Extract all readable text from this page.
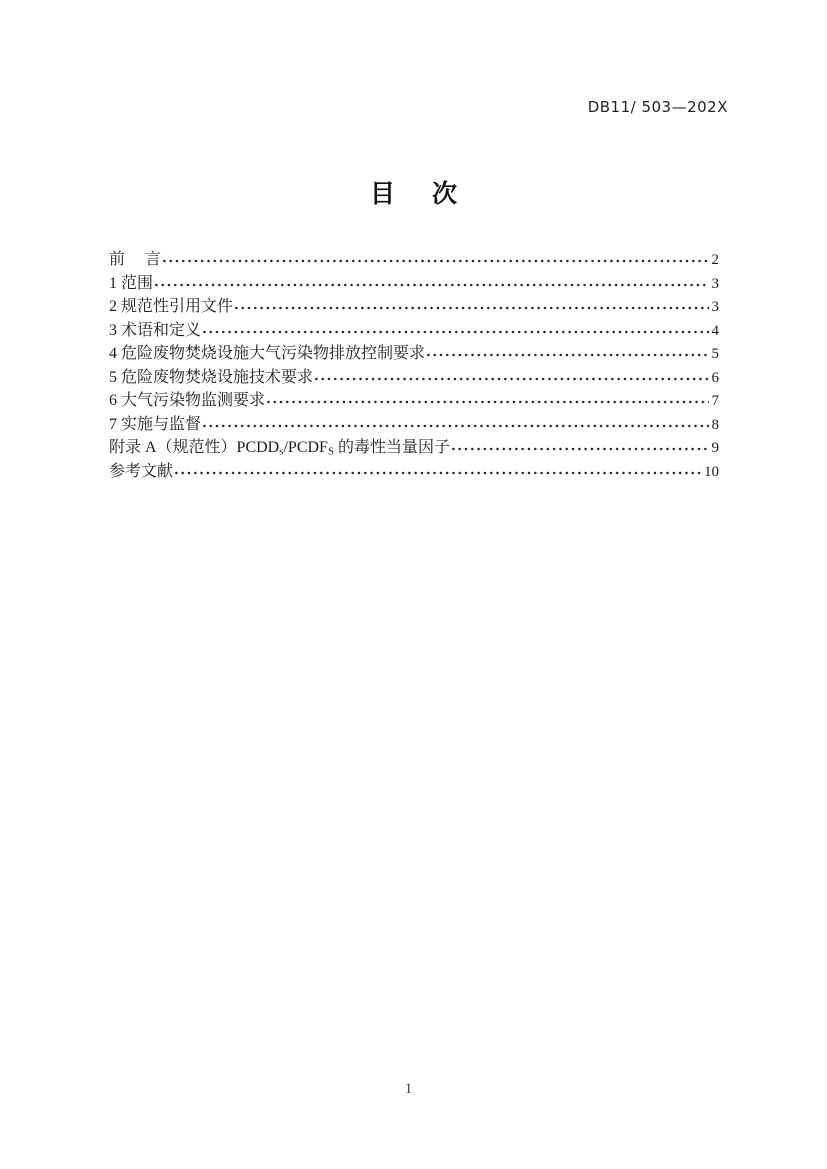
DB11/ 503—202X
目 次
前     言	2
1 范围	3
2 规范性引用文件	3
3 术语和定义	4
4 危险废物焚烧设施大气污染物排放控制要求	5
5 危险废物焚烧设施技术要求	6
6 大气污染物监测要求	7
7 实施与监督	8
附录 A（规范性）$PCDD_s/PCDF_S$ 的毒性当量因子	9
参考文献	10
1
